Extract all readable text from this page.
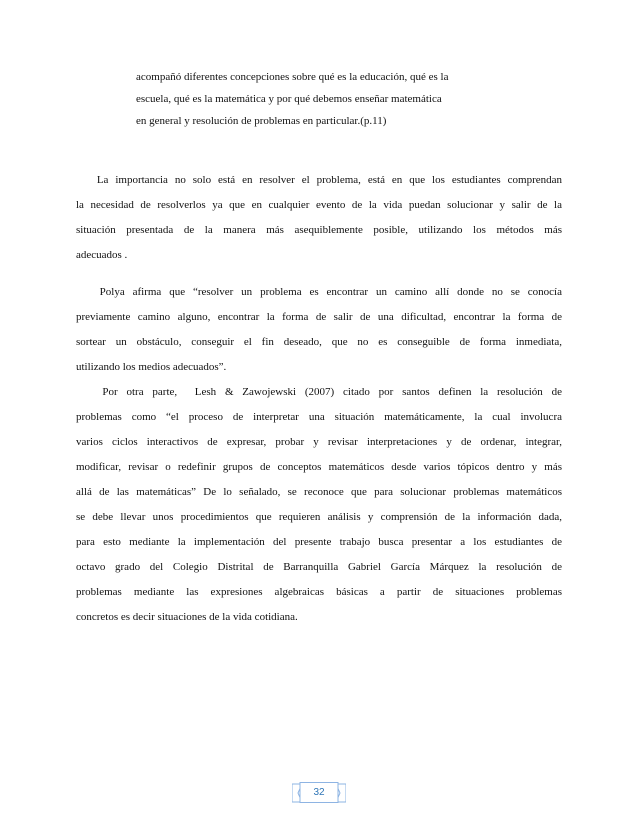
acompañó diferentes concepciones sobre qué es la educación, qué es la
escuela, qué es la matemática y por qué debemos enseñar matemática
en general y resolución de problemas en particular.(p.11)
La importancia no solo está en resolver el problema, está en que los estudiantes comprendan
la necesidad de resolverlos ya que en cualquier evento de la vida puedan solucionar y salir de la
situación presentada de la manera más asequiblemente posible, utilizando los métodos más
adecuados .
Polya afirma que “resolver un problema es encontrar un camino allí donde no se conocía
previamente camino alguno, encontrar la forma de salir de una dificultad, encontrar la forma de
sortear un obstáculo, conseguir el fin deseado, que no es conseguible de forma inmediata,
utilizando los medios adecuados”.
Por otra parte,  Lesh & Zawojewski (2007) citado por santos definen la resolución de
problemas como “el proceso de interpretar una situación matemáticamente, la cual involucra
varios ciclos interactivos de expresar, probar y revisar interpretaciones y de ordenar, integrar,
modificar, revisar o redefinir grupos de conceptos matemáticos desde varios tópicos dentro y más
allá de las matemáticas” De lo señalado, se reconoce que para solucionar problemas matemáticos
se debe llevar unos procedimientos que requieren análisis y comprensión de la información dada,
para esto mediante la implementación del presente trabajo busca presentar a los estudiantes de
octavo grado del Colegio Distrital de Barranquilla Gabriel García Márquez la resolución de
problemas mediante las expresiones algebraicas básicas a partir de situaciones problemas
concretos es decir situaciones de la vida cotidiana.
32
